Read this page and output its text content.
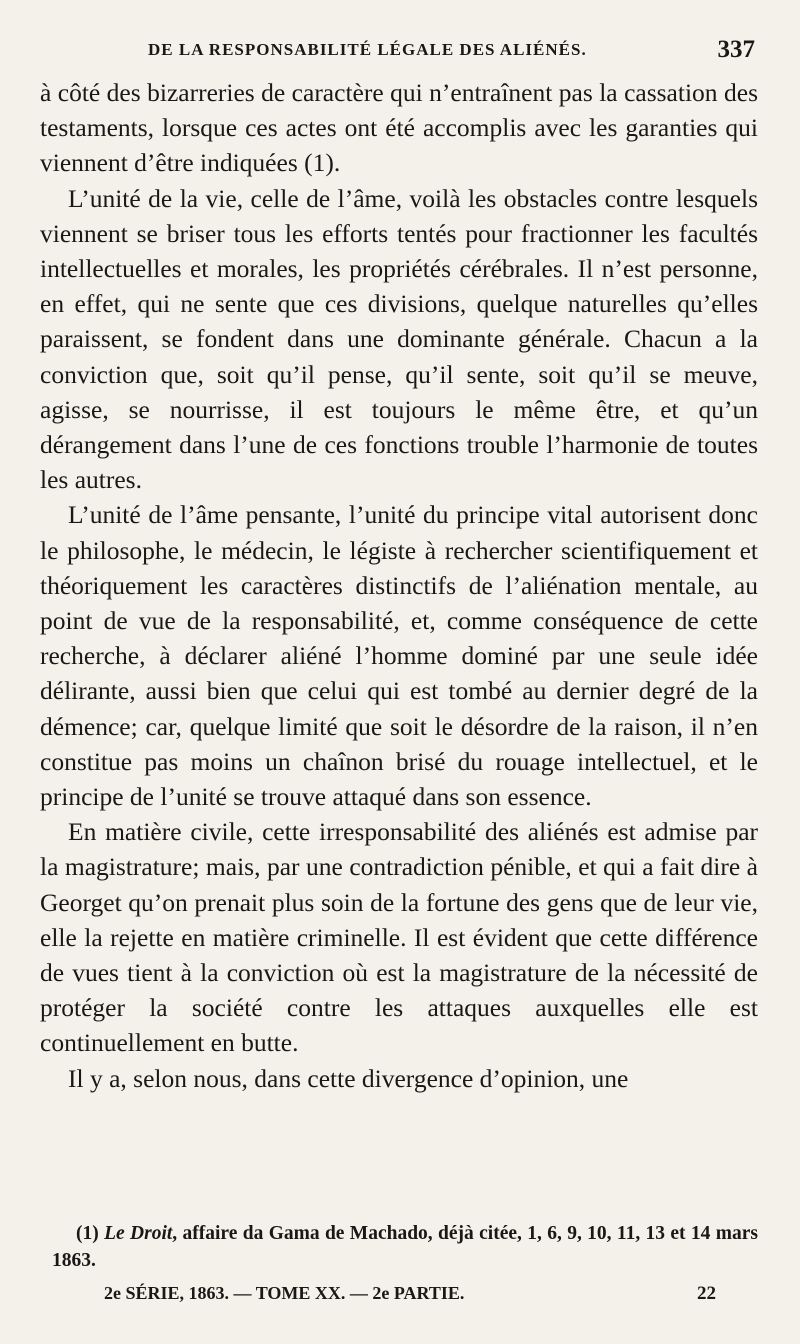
DE LA RESPONSABILITÉ LÉGALE DES ALIÉNÉS.	337

à côté des bizarreries de caractère qui n’entraînent pas la cassation des testaments, lorsque ces actes ont été accomplis avec les garanties qui viennent d’être indiquées (1).

L’unité de la vie, celle de l’âme, voilà les obstacles contre lesquels viennent se briser tous les efforts tentés pour fractionner les facultés intellectuelles et morales, les propriétés cérébrales. Il n’est personne, en effet, qui ne sente que ces divisions, quelque naturelles qu’elles paraissent, se fondent dans une dominante générale. Chacun a la conviction que, soit qu’il pense, qu’il sente, soit qu’il se meuve, agisse, se nourrisse, il est toujours le même être, et qu’un dérangement dans l’une de ces fonctions trouble l’harmonie de toutes les autres.

L’unité de l’âme pensante, l’unité du principe vital autorisent donc le philosophe, le médecin, le légiste à rechercher scientifiquement et théoriquement les caractères distinctifs de l’aliénation mentale, au point de vue de la responsabilité, et, comme conséquence de cette recherche, à déclarer aliéné l’homme dominé par une seule idée délirante, aussi bien que celui qui est tombé au dernier degré de la démence; car, quelque limité que soit le désordre de la raison, il n’en constitue pas moins un chaînon brisé du rouage intellectuel, et le principe de l’unité se trouve attaqué dans son essence.

En matière civile, cette irresponsabilité des aliénés est admise par la magistrature; mais, par une contradiction pénible, et qui a fait dire à Georget qu’on prenait plus soin de la fortune des gens que de leur vie, elle la rejette en matière criminelle. Il est évident que cette différence de vues tient à la conviction où est la magistrature de la nécessité de protéger la société contre les attaques auxquelles elle est continuellement en butte.

Il y a, selon nous, dans cette divergence d’opinion, une

(1) Le Droit, affaire da Gama de Machado, déjà citée, 1, 6, 9, 10, 11, 13 et 14 mars 1863.

2e SÉRIE, 1863. — TOME XX. — 2e PARTIE.	22
